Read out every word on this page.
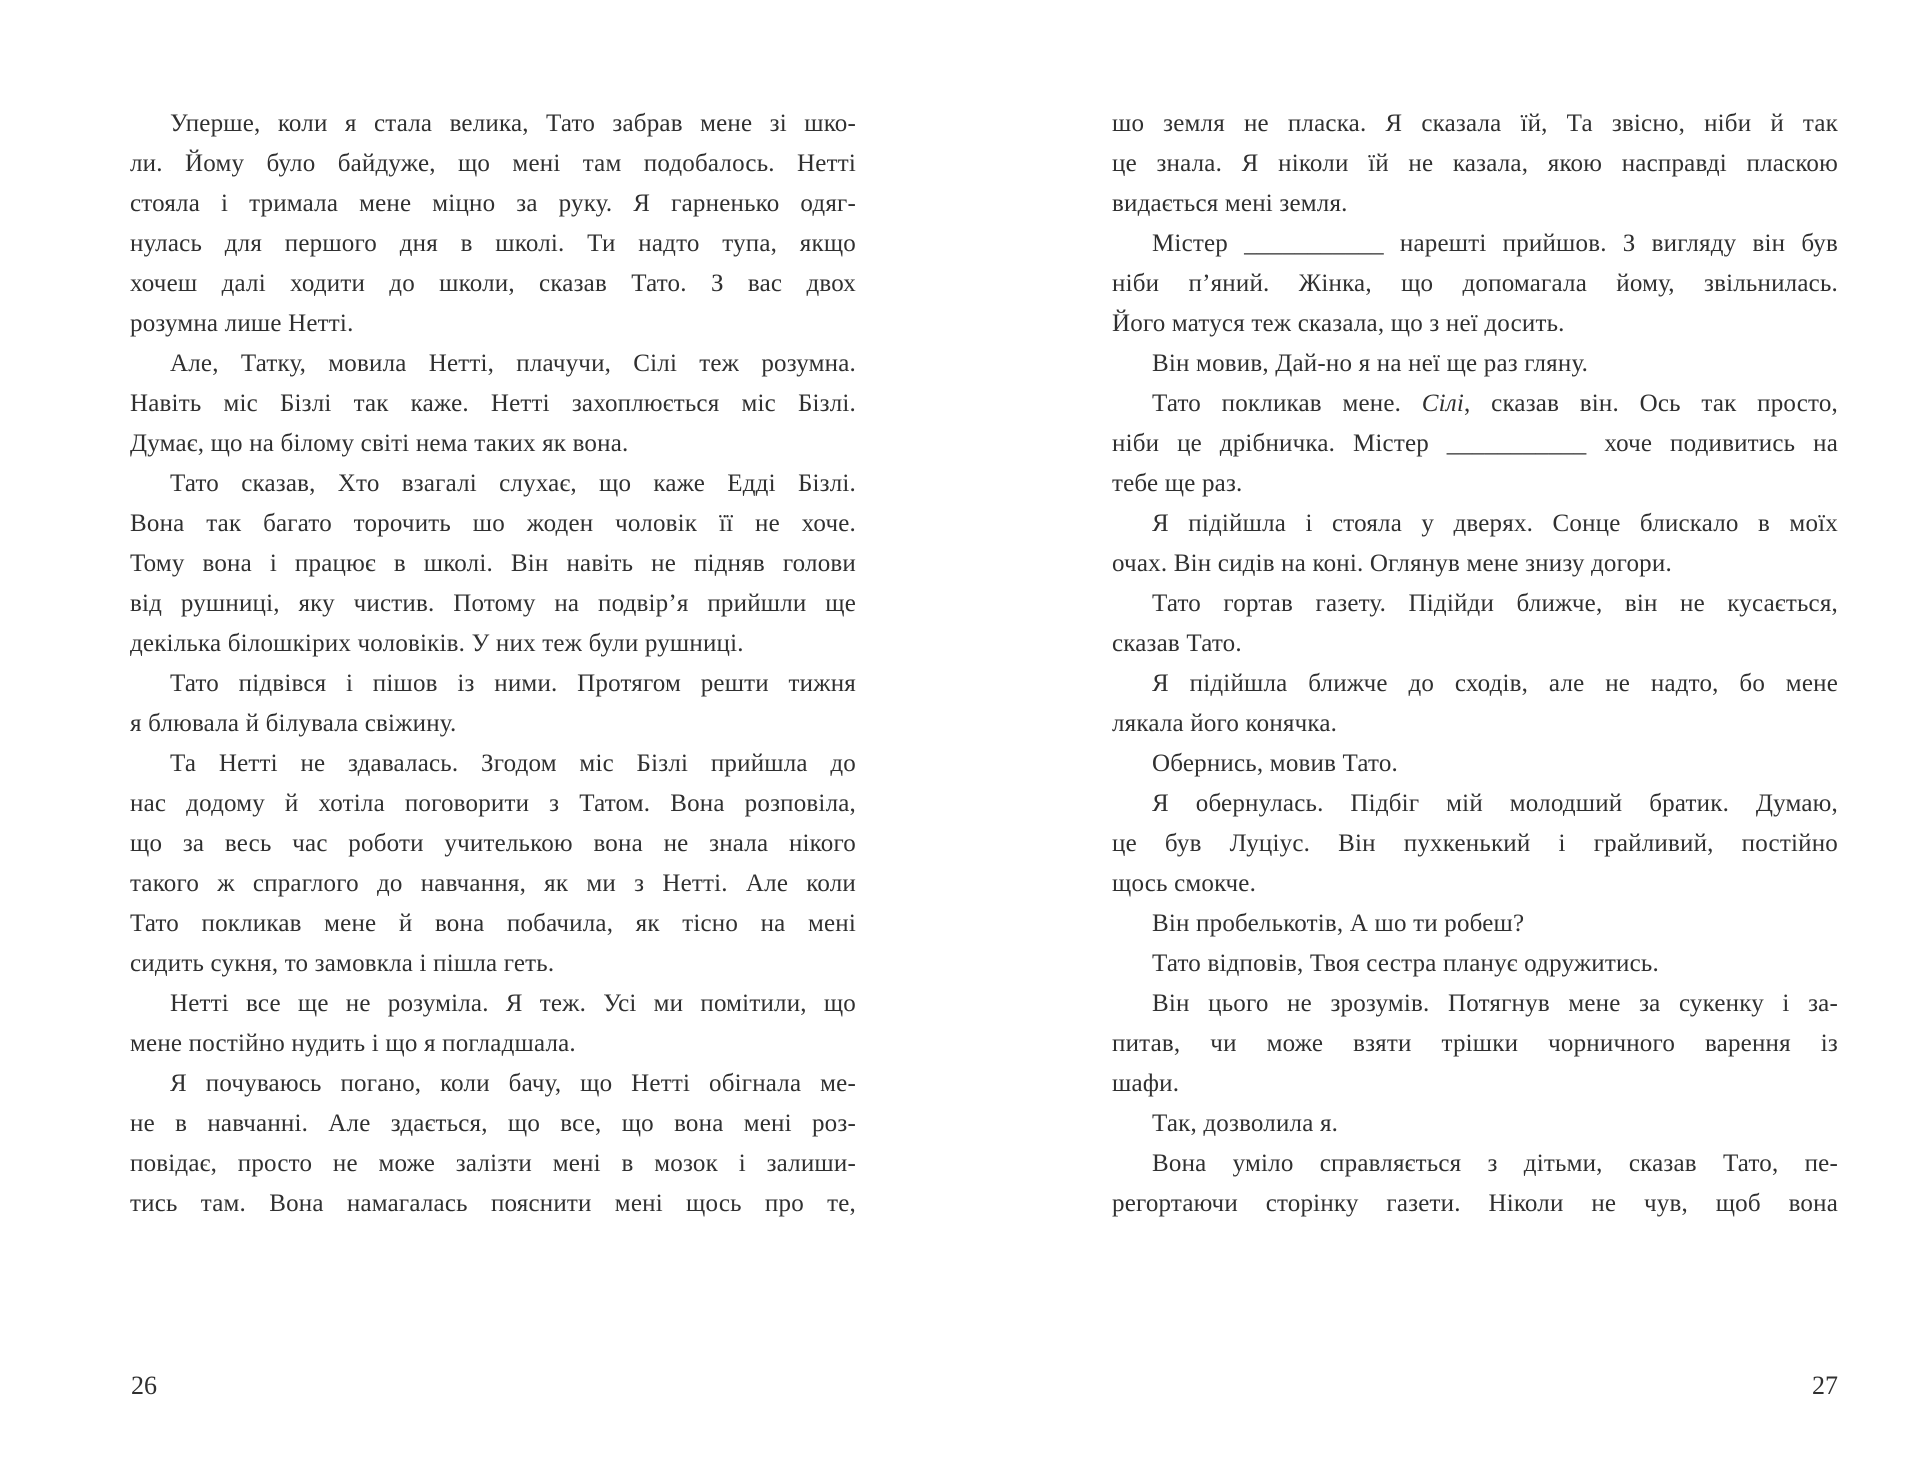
Уперше, коли я стала велика, Тато забрав мене зі шко-
ли. Йому було байдуже, що мені там подобалось. Нетті
стояла і тримала мене міцно за руку. Я гарненько одяг-
нулась для першого дня в школі. Ти надто тупа, якщо
хочеш далі ходити до школи, сказав Тато. З вас двох
розумна лише Нетті.
Але, Татку, мовила Нетті, плачучи, Сілі теж розумна.
Навіть міс Бізлі так каже. Нетті захоплюється міс Бізлі.
Думає, що на білому світі нема таких як вона.
Тато сказав, Хто взагалі слухає, що каже Едді Бізлі.
Вона так багато торочить шо жоден чоловік її не хоче.
Тому вона і працює в школі. Він навіть не підняв голови
від рушниці, яку чистив. Потому на подвір’я прийшли ще
декілька білошкірих чоловіків. У них теж були рушниці.
Тато підвівся і пішов із ними. Протягом решти тижня
я блювала й білувала свіжину.
Та Нетті не здавалась. Згодом міс Бізлі прийшла до
нас додому й хотіла поговорити з Татом. Вона розповіла,
що за весь час роботи учителькою вона не знала нікого
такого ж спраглого до навчання, як ми з Нетті. Але коли
Тато покликав мене й вона побачила, як тісно на мені
сидить сукня, то замовкла і пішла геть.
Нетті все ще не розуміла. Я теж. Усі ми помітили, що
мене постійно нудить і що я погладшала.
Я почуваюсь погано, коли бачу, що Нетті обігнала ме-
не в навчанні. Але здається, що все, що вона мені роз-
повідає, просто не може залізти мені в мозок і залиши-
тись там. Вона намагалась пояснити мені щось про те,
шо земля не пласка. Я сказала їй, Та звісно, ніби й так
це знала. Я ніколи їй не казала, якою насправді пласкою
видається мені земля.
Містер ___________ нарешті прийшов. З вигляду він був
ніби п’яний. Жінка, що допомагала йому, звільнилась.
Його матуся теж сказала, що з неї досить.
Він мовив, Дай-но я на неї ще раз гляну.
Тато покликав мене. Сілі, сказав він. Ось так просто,
ніби це дрібничка. Містер ___________ хоче подивитись на
тебе ще раз.
Я підійшла і стояла у дверях. Сонце блискало в моїх
очах. Він сидів на коні. Оглянув мене знизу догори.
Тато гортав газету. Підійди ближче, він не кусається,
сказав Тато.
Я підійшла ближче до сходів, але не надто, бо мене
лякала його конячка.
Обернись, мовив Тато.
Я обернулась. Підбіг мій молодший братик. Думаю,
це був Луціус. Він пухкенький і грайливий, постійно
щось смокче.
Він пробелькотів, А шо ти робеш?
Тато відповів, Твоя сестра планує одружитись.
Він цього не зрозумів. Потягнув мене за сукенку і за-
питав, чи може взяти трішки чорничного варення із
шафи.
Так, дозволила я.
Вона уміло справляється з дітьми, сказав Тато, пе-
регортаючи сторінку газети. Ніколи не чув, щоб вона
26	27
